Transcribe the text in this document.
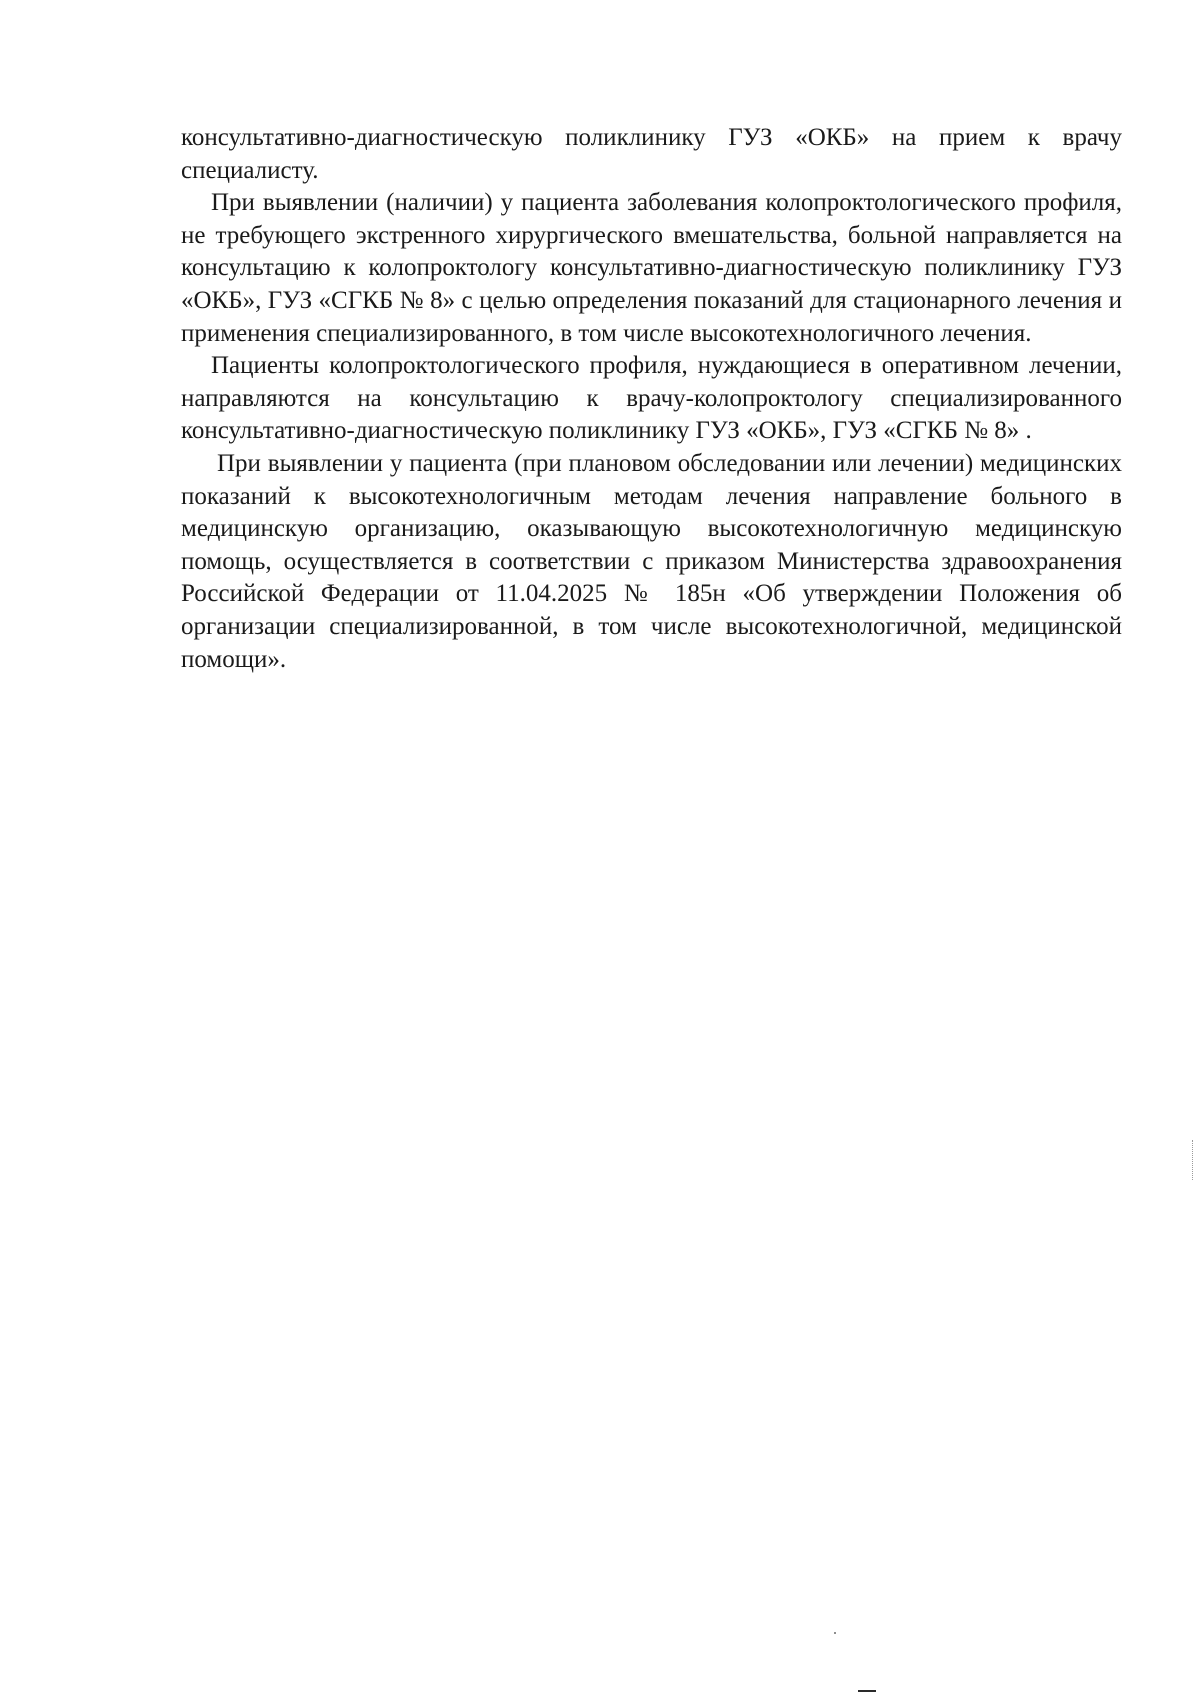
консультативно-диагностическую поликлинику ГУЗ «ОКБ» на прием к врачу специалисту.

При выявлении (наличии) у пациента заболевания колопроктологического профиля, не требующего экстренного хирургического вмешательства, больной направляется на консультацию к колопроктологу консультативно-диагностическую поликлинику ГУЗ «ОКБ», ГУЗ «СГКБ № 8» с целью определения показаний для стационарного лечения и применения специализированного, в том числе высокотехнологичного лечения.

Пациенты колопроктологического профиля, нуждающиеся в оперативном лечении, направляются на консультацию к врачу-колопроктологу специализированного консультативно-диагностическую поликлинику ГУЗ «ОКБ», ГУЗ «СГКБ № 8» .

При выявлении у пациента (при плановом обследовании или лечении) медицинских показаний к высокотехнологичным методам лечения направление больного в медицинскую организацию, оказывающую высокотехнологичную медицинскую помощь, осуществляется в соответствии с приказом Министерства здравоохранения Российской Федерации от 11.04.2025 № 185н «Об утверждении Положения об организации специализированной, в том числе высокотехнологичной, медицинской помощи».
